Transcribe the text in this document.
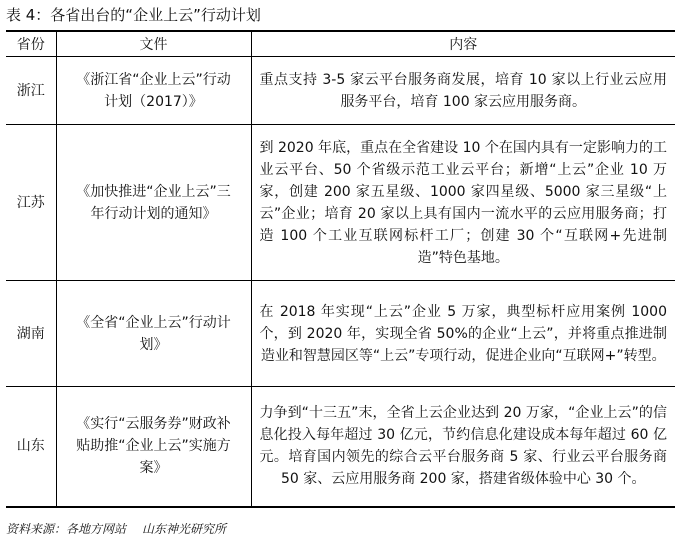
表 4：各省出台的“企业上云”行动计划
省份	文件	内容
浙江	《浙江省“企业上云”行动计划（2017）》	重点支持 3-5 家云平台服务商发展，培育 10 家以上行业云应用服务平台，培育 100 家云应用服务商。
江苏	《加快推进“企业上云”三年行动计划的通知》	到 2020 年底，重点在全省建设 10 个在国内具有一定影响力的工业云平台、50 个省级示范工业云平台；新增“上云”企业 10 万家，创建 200 家五星级、1000 家四星级、5000 家三星级“上云”企业；培育 20 家以上具有国内一流水平的云应用服务商；打造 100 个工业互联网标杆工厂；创建 30 个“互联网+先进制造”特色基地。
湖南	《全省“企业上云”行动计划》	在 2018 年实现“上云”企业 5 万家，典型标杆应用案例 1000 个，到 2020 年，实现全省 50%的企业“上云”，并将重点推进制造业和智慧园区等“上云”专项行动，促进企业向“互联网+”转型。
山东	《实行“云服务券”财政补贴助推“企业上云”实施方案》	力争到“十三五”末，全省上云企业达到 20 万家，“企业上云”的信息化投入每年超过 30 亿元，节约信息化建设成本每年超过 60 亿元。培育国内领先的综合云平台服务商 5 家、行业云平台服务商 50 家、云应用服务商 200 家，搭建省级体验中心 30 个。
资料来源：各地方网站 山东神光研究所
